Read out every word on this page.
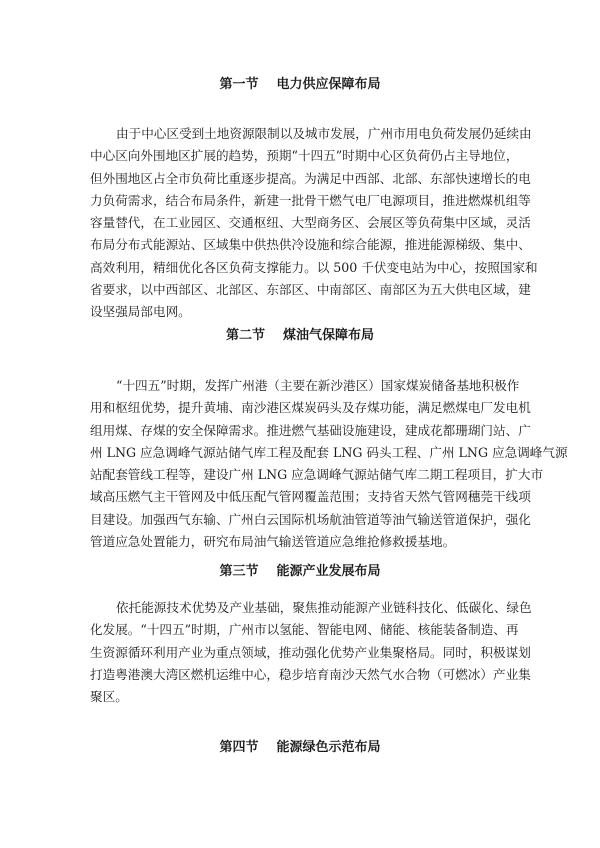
第一节    电力供应保障布局
由于中心区受到土地资源限制以及城市发展，广州市用电负荷发展仍延续由
中心区向外围地区扩展的趋势，预期“十四五”时期中心区负荷仍占主导地位，
但外围地区占全市负荷比重逐步提高。为满足中西部、北部、东部快速增长的电
力负荷需求，结合布局条件，新建一批骨干燃气电厂电源项目，推进燃煤机组等
容量替代，在工业园区、交通枢纽、大型商务区、会展区等负荷集中区域，灵活
布局分布式能源站、区域集中供热供冷设施和综合能源，推进能源梯级、集中、
高效利用，精细优化各区负荷支撑能力。以 500 千伏变电站为中心，按照国家和
省要求，以中西部区、北部区、东部区、中南部区、南部区为五大供电区域，建
设坚强局部电网。
第二节    煤油气保障布局
“十四五”时期，发挥广州港（主要在新沙港区）国家煤炭储备基地积极作
用和枢纽优势，提升黄埔、南沙港区煤炭码头及存煤功能，满足燃煤电厂发电机
组用煤、存煤的安全保障需求。推进燃气基础设施建设，建成花都珊瑚门站、广
州 LNG 应急调峰气源站储气库工程及配套 LNG 码头工程、广州 LNG 应急调峰气源
站配套管线工程等，建设广州 LNG 应急调峰气源站储气库二期工程项目，扩大市
域高压燃气主干管网及中低压配气管网覆盖范围；支持省天然气管网穗莞干线项
目建设。加强西气东输、广州白云国际机场航油管道等油气输送管道保护，强化
管道应急处置能力，研究布局油气输送管道应急维抢修救援基地。
第三节    能源产业发展布局
依托能源技术优势及产业基础，聚焦推动能源产业链科技化、低碳化、绿色
化发展。“十四五”时期，广州市以氢能、智能电网、储能、核能装备制造、再
生资源循环利用产业为重点领域，推动强化优势产业集聚格局。同时，积极谋划
打造粤港澳大湾区燃机运维中心，稳步培育南沙天然气水合物（可燃冰）产业集
聚区。
第四节    能源绿色示范布局
